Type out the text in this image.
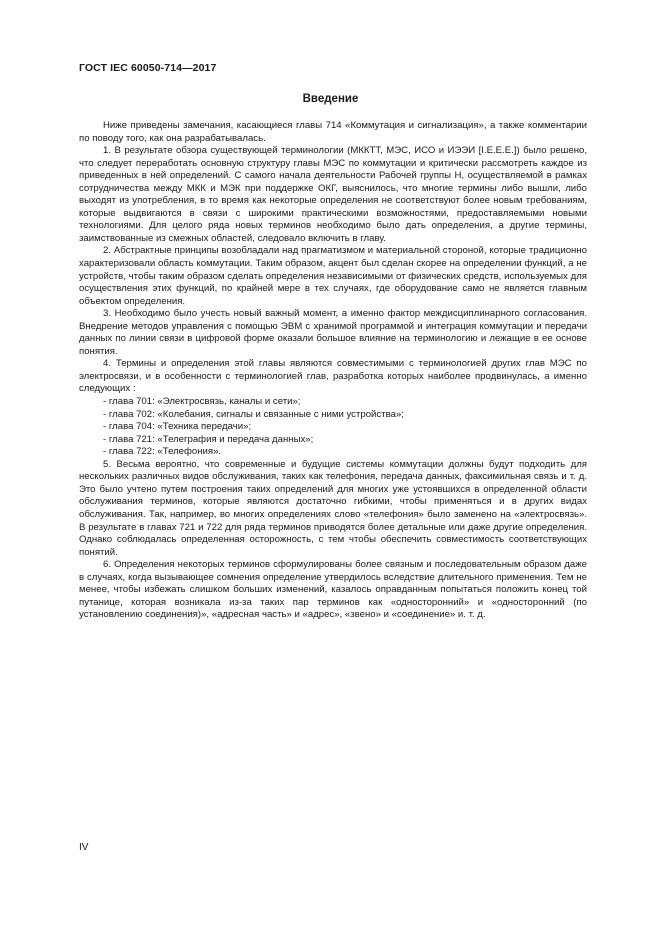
ГОСТ IEC 60050-714—2017
Введение

Ниже приведены замечания, касающиеся главы 714 «Коммутация и сигнализация», а также комментарии по поводу того, как она разрабатывалась.

1. В результате обзора существующей терминологии (МККТТ, МЭС, ИСО и ИЭЭИ [I.E.E.E.]) было решено, что следует переработать основную структуру главы МЭС по коммутации и критически рассмотреть каждое из приведенных в ней определений. С самого начала деятельности Рабочей группы Н, осуществляемой в рамках сотрудничества между МКК и МЭК при поддержке ОКГ, выяснилось, что многие термины либо вышли, либо выходят из употребления, в то время как некоторые определения не соответствуют более новым требованиям, которые выдвигаются в связи с широкими практическими возможностями, предоставляемыми новыми технологиями. Для целого ряда новых терминов необходимо было дать определения, а другие термины, заимствованные из смежных областей, следовало включить в главу.

2. Абстрактные принципы возобладали над прагматизмом и материальной стороной, которые традиционно характеризовали область коммутации. Таким образом, акцент был сделан скорее на определении функций, а не устройств, чтобы таким образом сделать определения независимыми от физических средств, используемых для осуществления этих функций, по крайней мере в тех случаях, где оборудование само не является главным объектом определения.

3. Необходимо было учесть новый важный момент, а именно фактор междисциплинарного согласования. Внедрение методов управления с помощью ЭВМ с хранимой программой и интеграция коммутации и передачи данных по линии связи в цифровой форме оказали большое влияние на терминологию и лежащие в ее основе понятия.

4. Термины и определения этой главы являются совместимыми с терминологией других глав МЭС по электросвязи, и в особенности с терминологией глав, разработка которых наиболее продвинулась, а именно следующих :

- глава 701: «Электросвязь, каналы и сети»;

- глава 702: «Колебания, сигналы и связанные с ними устройства»;

- глава 704: «Техника передачи»;

- глава 721: «Телеграфия и передача данных»;

- глава 722: «Телефония».

5. Весьма вероятно, что современные и будущие системы коммутации должны будут подходить для нескольких различных видов обслуживания, таких как телефония, передача данных, факсимильная связь и т. д. Это было учтено путем построения таких определений для многих уже устоявшихся в определенной области обслуживания терминов, которые являются достаточно гибкими, чтобы применяться и в других видах обслуживания. Так, например, во многих определениях слово «телефония» было заменено на «электросвязь». В результате в главах 721 и 722 для ряда терминов приводятся более детальные или даже другие определения. Однако соблюдалась определенная осторожность, с тем чтобы обеспечить совместимость соответствующих понятий.

6. Определения некоторых терминов сформулированы более связным и последовательным образом даже в случаях, когда вызывающее сомнения определение утвердилось вследствие длительного применения. Тем не менее, чтобы избежать слишком больших изменений, казалось оправданным попытаться положить конец той путанице, которая возникала из-за таких пар терминов как «односторонний» и «односторонний (по установлению соединения)», «адресная часть» и «адрес», «звено» и «соединение» и. т. д.

IV
